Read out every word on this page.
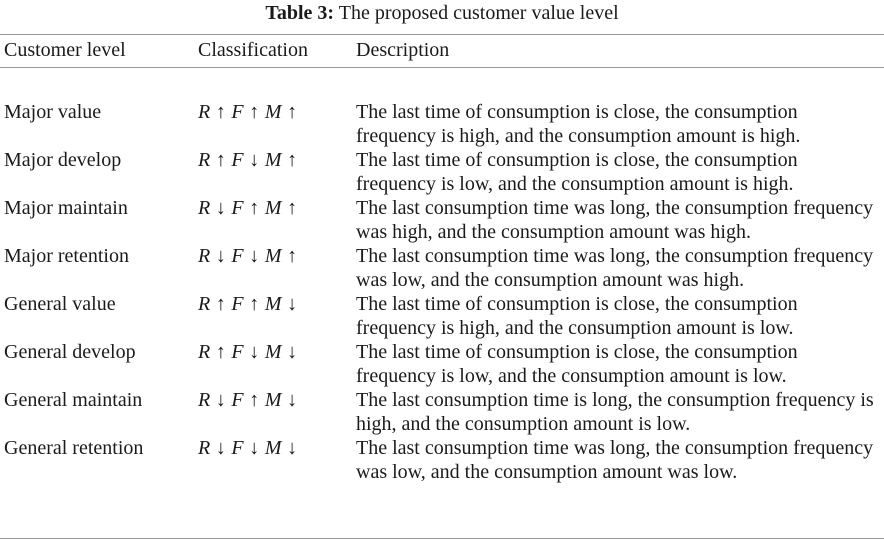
Table 3: The proposed customer value level
Customer level	Classification	Description
Major value	R ↑ F ↑ M ↑	The last time of consumption is close, the consumption frequency is high, and the consumption amount is high.
Major develop	R ↑ F ↓ M ↑	The last time of consumption is close, the consumption frequency is low, and the consumption amount is high.
Major maintain	R ↓ F ↑ M ↑	The last consumption time was long, the consumption frequency was high, and the consumption amount was high.
Major retention	R ↓ F ↓ M ↑	The last consumption time was long, the consumption frequency was low, and the consumption amount was high.
General value	R ↑ F ↑ M ↓	The last time of consumption is close, the consumption frequency is high, and the consumption amount is low.
General develop	R ↑ F ↓ M ↓	The last time of consumption is close, the consumption frequency is low, and the consumption amount is low.
General maintain	R ↓ F ↑ M ↓	The last consumption time is long, the consumption frequency is high, and the consumption amount is low.
General retention	R ↓ F ↓ M ↓	The last consumption time was long, the consumption frequency was low, and the consumption amount was low.
